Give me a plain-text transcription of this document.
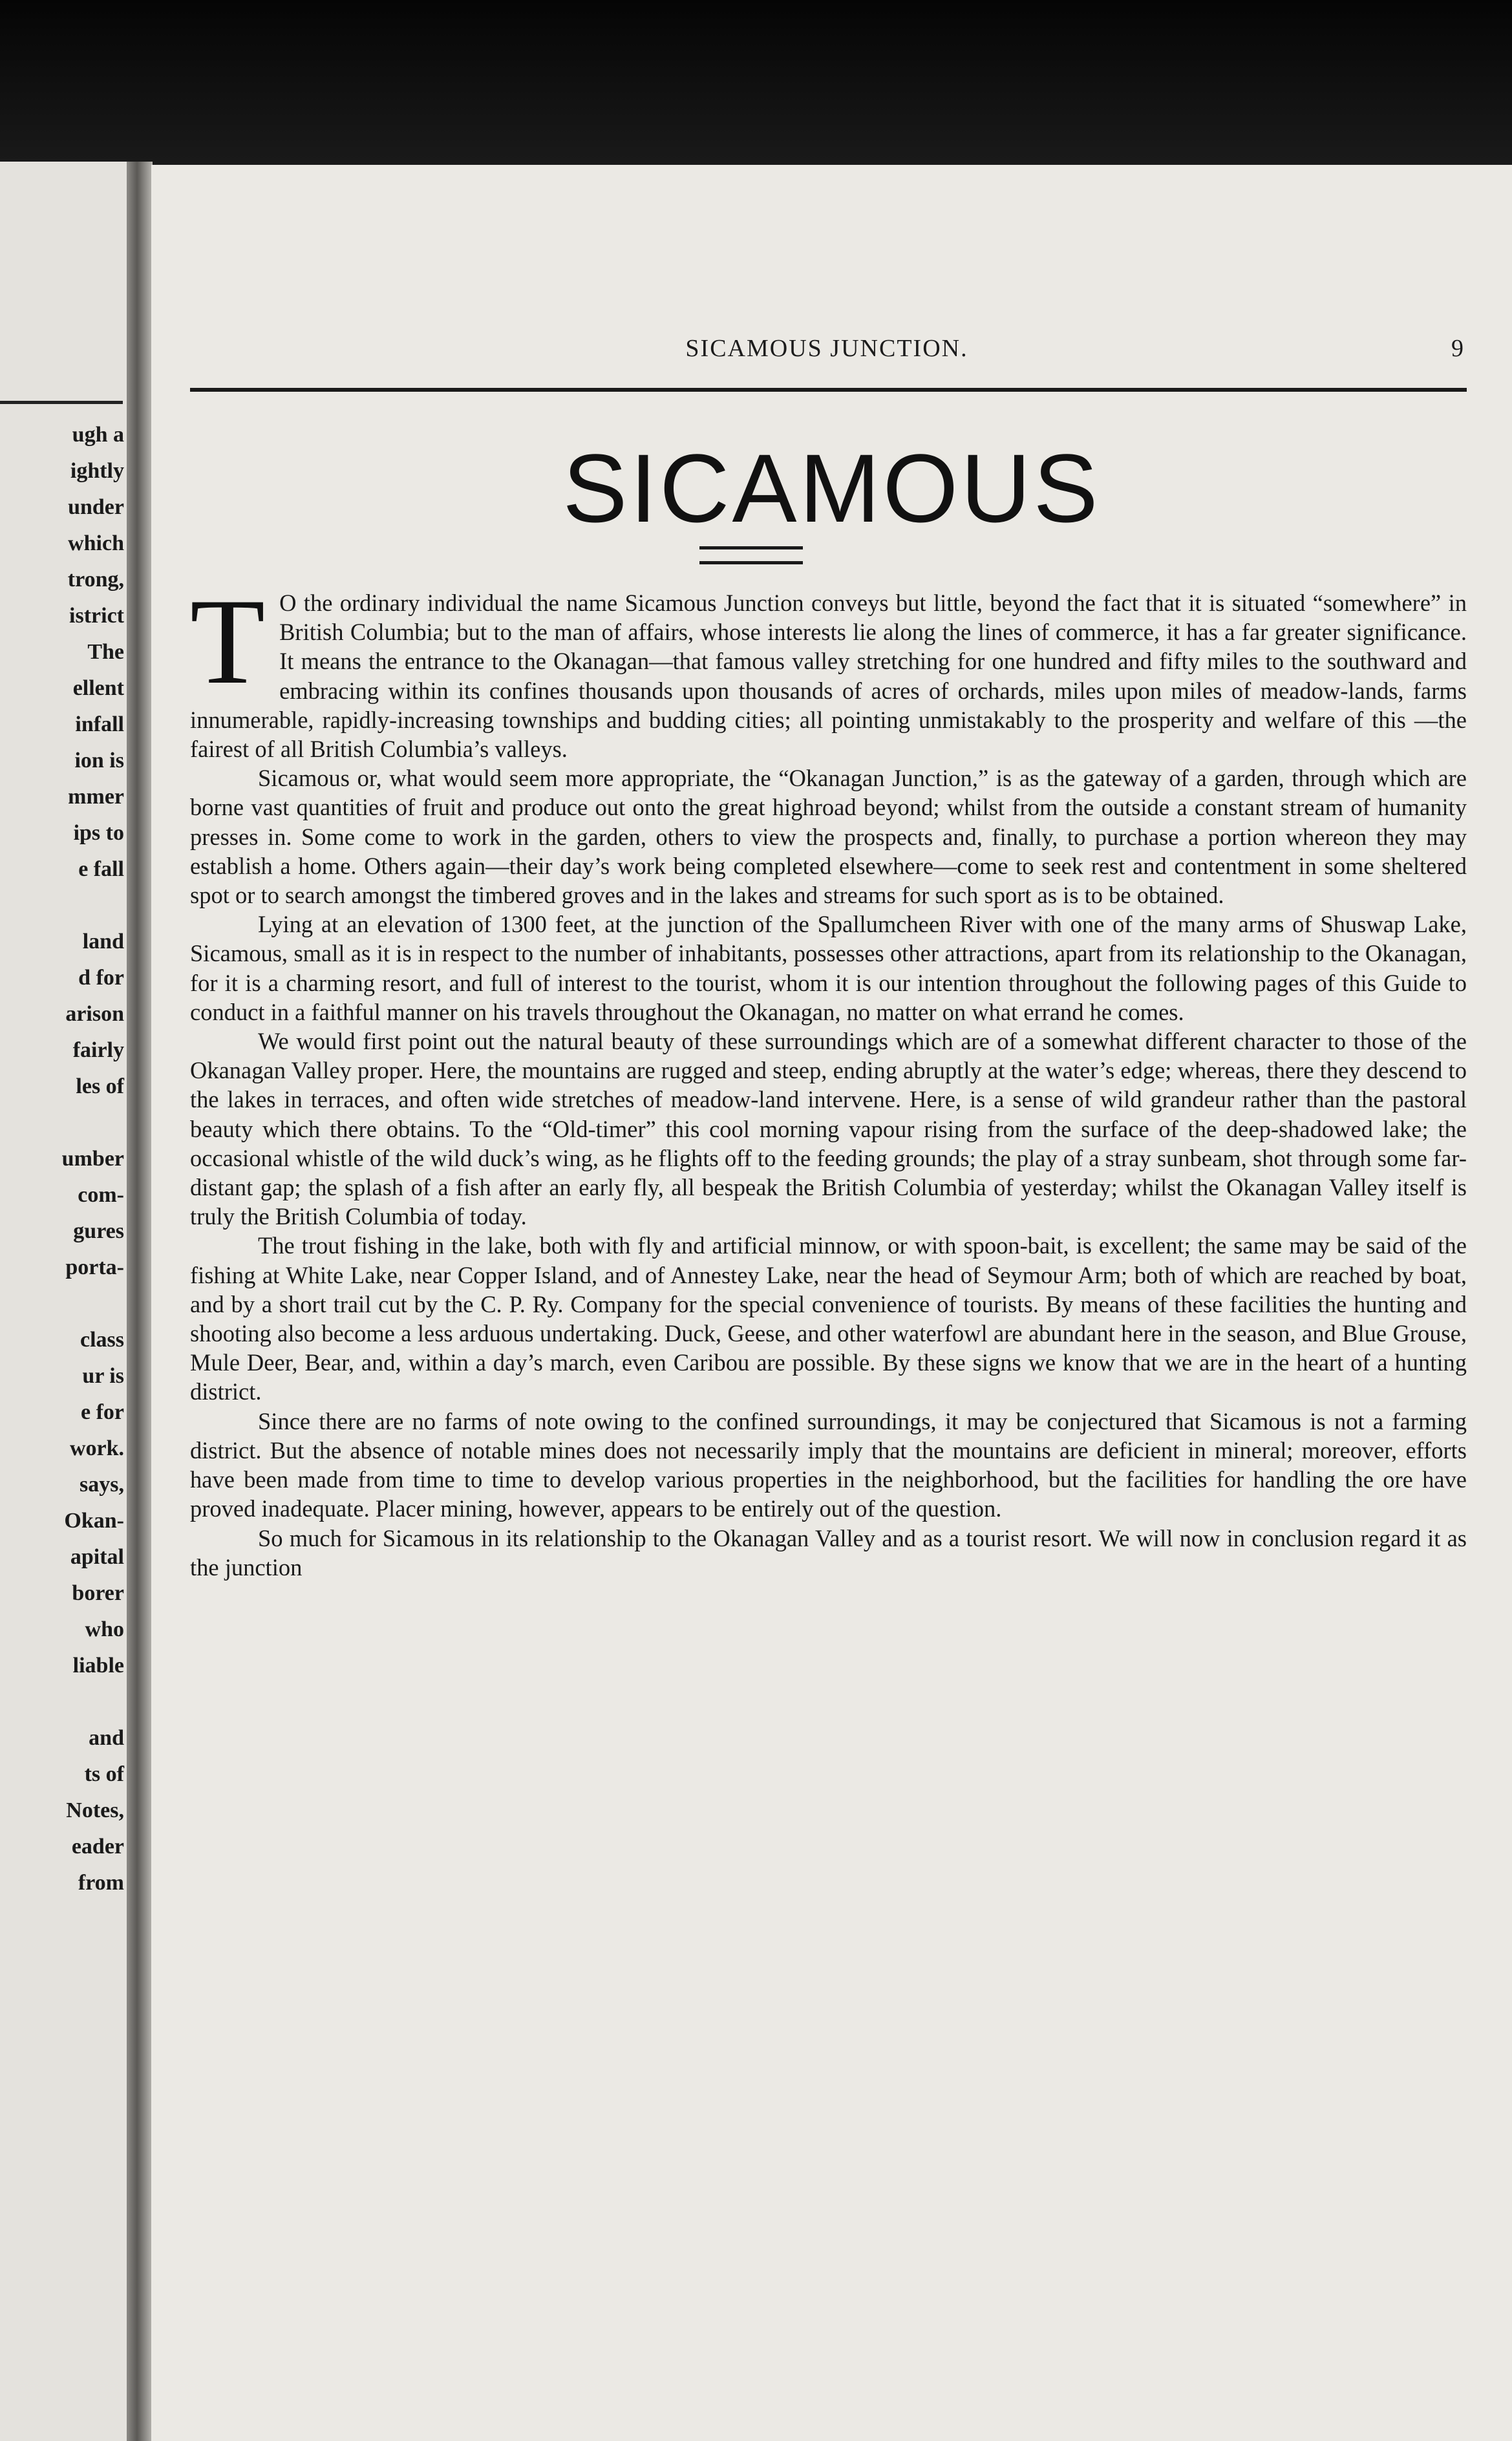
ugh a
ightly
under
which
trong,
istrict
The
ellent
infall
ion is
mmer
ips to
e fall
land
d for
arison
fairly
les of
umber
com-
gures
porta-
class
ur is
e for
work.
says,
Okan-
apital
borer
who
liable
and
ts of
Notes,
eader
from
SICAMOUS JUNCTION.	9
SICAMOUS

T O the ordinary individual the name Sicamous Junction conveys but little, beyond the fact that it is situated “somewhere” in British Columbia; but to the man of affairs, whose interests lie along the lines of commerce, it has a far greater significance. It means the entrance to the Okanagan—that famous valley stretching for one hundred and fifty miles to the southward and embracing within its confines thousands upon thousands of acres of orchards, miles upon miles of meadow-lands, farms innumerable, rapidly-increasing townships and budding cities; all pointing unmistakably to the prosperity and welfare of this —the fairest of all British Columbia’s valleys.

Sicamous or, what would seem more appropriate, the “Okanagan Junction,” is as the gateway of a garden, through which are borne vast quantities of fruit and produce out onto the great highroad beyond; whilst from the outside a constant stream of humanity presses in. Some come to work in the garden, others to view the prospects and, finally, to purchase a portion whereon they may establish a home. Others again—their day’s work being completed elsewhere—come to seek rest and contentment in some sheltered spot or to search amongst the timbered groves and in the lakes and streams for such sport as is to be obtained.

Lying at an elevation of 1300 feet, at the junction of the Spallumcheen River with one of the many arms of Shuswap Lake, Sicamous, small as it is in respect to the number of inhabitants, possesses other attractions, apart from its relationship to the Okanagan, for it is a charming resort, and full of interest to the tourist, whom it is our intention throughout the following pages of this Guide to conduct in a faithful manner on his travels throughout the Okanagan, no matter on what errand he comes.

We would first point out the natural beauty of these surroundings which are of a somewhat different character to those of the Okanagan Valley proper. Here, the mountains are rugged and steep, ending abruptly at the water’s edge; whereas, there they descend to the lakes in terraces, and often wide stretches of meadow-land intervene. Here, is a sense of wild grandeur rather than the pastoral beauty which there obtains. To the “Old-timer” this cool morning vapour rising from the surface of the deep-shadowed lake; the occasional whistle of the wild duck’s wing, as he flights off to the feeding grounds; the play of a stray sunbeam, shot through some far-distant gap; the splash of a fish after an early fly, all bespeak the British Columbia of yesterday; whilst the Okanagan Valley itself is truly the British Columbia of today.

The trout fishing in the lake, both with fly and artificial minnow, or with spoon-bait, is excellent; the same may be said of the fishing at White Lake, near Copper Island, and of Annestey Lake, near the head of Seymour Arm; both of which are reached by boat, and by a short trail cut by the C. P. Ry. Company for the special convenience of tourists. By means of these facilities the hunting and shooting also become a less arduous undertaking. Duck, Geese, and other waterfowl are abundant here in the season, and Blue Grouse, Mule Deer, Bear, and, within a day’s march, even Caribou are possible. By these signs we know that we are in the heart of a hunting district.

Since there are no farms of note owing to the confined surroundings, it may be conjectured that Sicamous is not a farming district. But the absence of notable mines does not necessarily imply that the mountains are deficient in mineral; moreover, efforts have been made from time to time to develop various properties in the neighborhood, but the facilities for handling the ore have proved inadequate. Placer mining, however, appears to be entirely out of the question.

So much for Sicamous in its relationship to the Okanagan Valley and as a tourist resort. We will now in conclusion regard it as the junction
